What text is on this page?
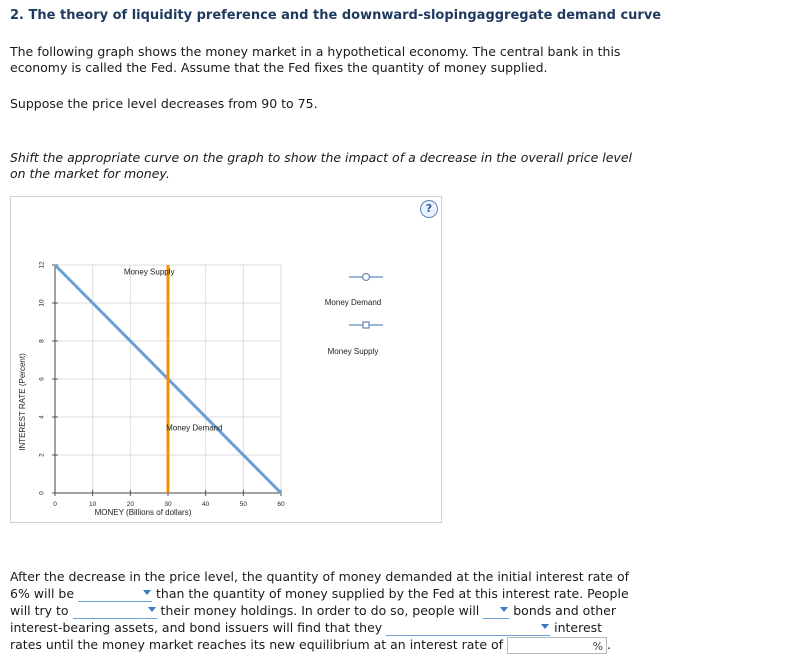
2. The theory of liquidity preference and the downward-slopingaggregate demand curve
The following graph shows the money market in a hypothetical economy. The central bank in this
economy is called the Fed. Assume that the Fed fixes the quantity of money supplied.
Suppose the price level decreases from 90 to 75.
Shift the appropriate curve on the graph to show the impact of a decrease in the overall price level
on the market for money.
?
0	10	20	30	40	50	60
0
2
4
6
8
10
12
INTEREST RATE (Percent)
MONEY (Billions of dollars)
Money Demand
Money Supply
Money Demand
Money Supply
After the decrease in the price level, the quantity of money demanded at the initial interest rate of
6% will be	than the quantity of money supplied by the Fed at this interest rate. People
will try to	their money holdings. In order to do so, people will	bonds and other
interest-bearing assets, and bond issuers will find that they	interest
rates until the money market reaches its new equilibrium at an interest rate of	% .
